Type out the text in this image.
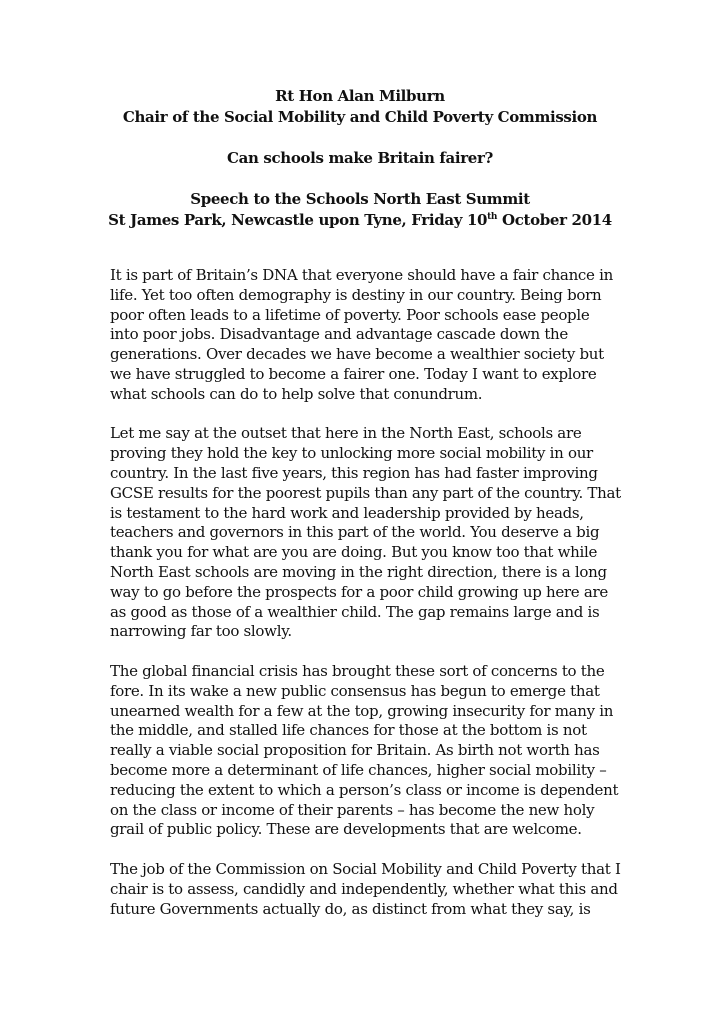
Rt Hon Alan Milburn
Chair of the Social Mobility and Child Poverty Commission
Can schools make Britain fairer?
Speech to the Schools North East Summit
St James Park, Newcastle upon Tyne, Friday 10th October 2014

It is part of Britain’s DNA that everyone should have a fair chance in
life. Yet too often demography is destiny in our country. Being born
poor often leads to a lifetime of poverty. Poor schools ease people
into poor jobs. Disadvantage and advantage cascade down the
generations. Over decades we have become a wealthier society but
we have struggled to become a fairer one. Today I want to explore
what schools can do to help solve that conundrum.

Let me say at the outset that here in the North East, schools are
proving they hold the key to unlocking more social mobility in our
country. In the last five years, this region has had faster improving
GCSE results for the poorest pupils than any part of the country. That
is testament to the hard work and leadership provided by heads,
teachers and governors in this part of the world. You deserve a big
thank you for what are you are doing. But you know too that while
North East schools are moving in the right direction, there is a long
way to go before the prospects for a poor child growing up here are
as good as those of a wealthier child. The gap remains large and is
narrowing far too slowly.

The global financial crisis has brought these sort of concerns to the
fore. In its wake a new public consensus has begun to emerge that
unearned wealth for a few at the top, growing insecurity for many in
the middle, and stalled life chances for those at the bottom is not
really a viable social proposition for Britain. As birth not worth has
become more a determinant of life chances, higher social mobility –
reducing the extent to which a person’s class or income is dependent
on the class or income of their parents – has become the new holy
grail of public policy. These are developments that are welcome.

The job of the Commission on Social Mobility and Child Poverty that I
chair is to assess, candidly and independently, whether what this and
future Governments actually do, as distinct from what they say, is
